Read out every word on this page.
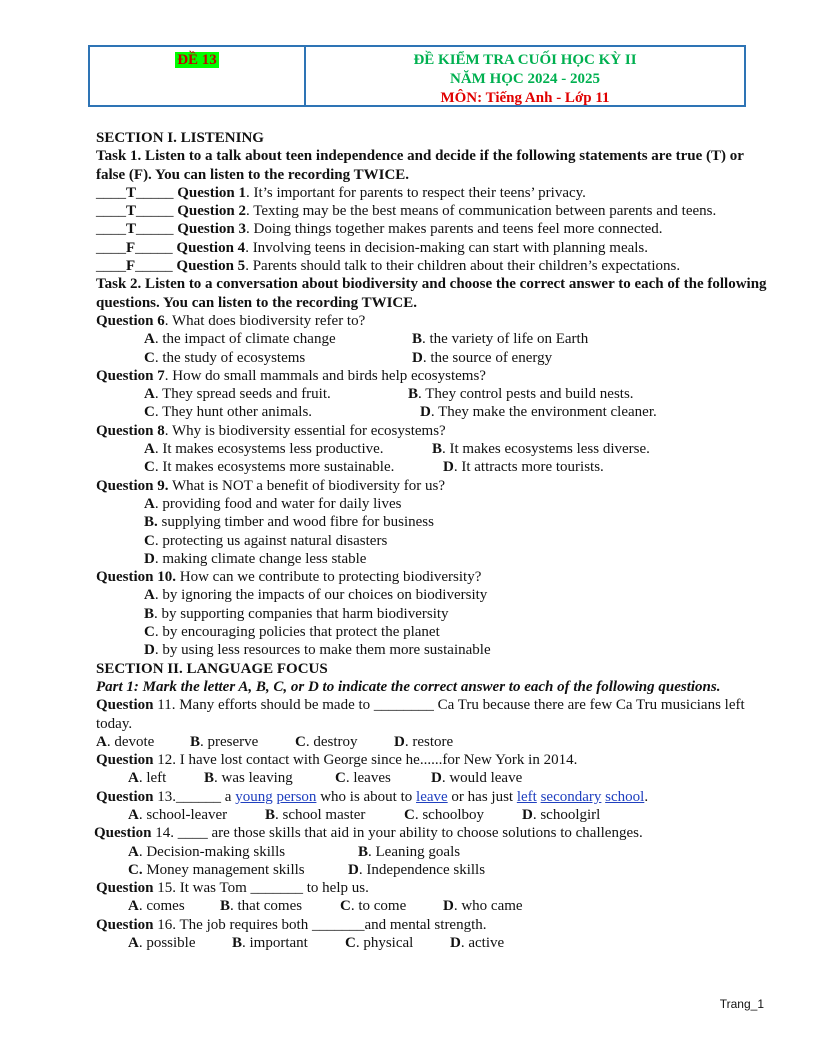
ĐỀ 13	ĐỀ KIỂM TRA CUỐI HỌC KỲ II
NĂM HỌC 2024 - 2025
MÔN: Tiếng Anh - Lớp 11
SECTION I. LISTENING
Task 1. Listen to a talk about teen independence and decide if the following statements are true (T) or false (F). You can listen to the recording TWICE.
____T_____ Question 1. It’s important for parents to respect their teens’ privacy.
____T_____ Question 2. Texting may be the best means of communication between parents and teens.
____T_____ Question 3. Doing things together makes parents and teens feel more connected.
____F_____ Question 4. Involving teens in decision-making can start with planning meals.
____F_____ Question 5. Parents should talk to their children about their children’s expectations.
Task 2. Listen to a conversation about biodiversity and choose the correct answer to each of the following questions. You can listen to the recording TWICE.
Question 6. What does biodiversity refer to?
A. the impact of climate change	B. the variety of life on Earth
C. the study of ecosystems	D. the source of energy
Question 7. How do small mammals and birds help ecosystems?
A. They spread seeds and fruit.	B. They control pests and build nests.
C. They hunt other animals.	D. They make the environment cleaner.
Question 8. Why is biodiversity essential for ecosystems?
A. It makes ecosystems less productive.	B. It makes ecosystems less diverse.
C. It makes ecosystems more sustainable.	D. It attracts more tourists.
Question 9. What is NOT a benefit of biodiversity for us?
A. providing food and water for daily lives
B. supplying timber and wood fibre for business
C. protecting us against natural disasters
D. making climate change less stable
Question 10. How can we contribute to protecting biodiversity?
A. by ignoring the impacts of our choices on biodiversity
B. by supporting companies that harm biodiversity
C. by encouraging policies that protect the planet
D. by using less resources to make them more sustainable
SECTION II. LANGUAGE FOCUS
Part 1: Mark the letter A, B, C, or D to indicate the correct answer to each of the following questions.
Question 11. Many efforts should be made to ________ Ca Tru because there are few Ca Tru musicians left today.
A. devote B. preserve C. destroy D. restore
Question 12. I have lost contact with George since he......for New York in 2014.
A. left	B. was leaving	C. leaves	D. would leave
Question 13.______ a young person who is about to leave or has just left secondary school.
A. school-leaver	B. school master	C. schoolboy	D. schoolgirl
Question 14. ____ are those skills that aid in your ability to choose solutions to challenges.
A. Decision-making skills	B. Leaning goals
C. Money management skills	D. Independence skills
Question 15. It was Tom _______ to help us.
A. comes B. that comes	C. to come D. who came
Question 16. The job requires both _______and mental strength.
A. possible B. important C. physical D. active
Trang_1
